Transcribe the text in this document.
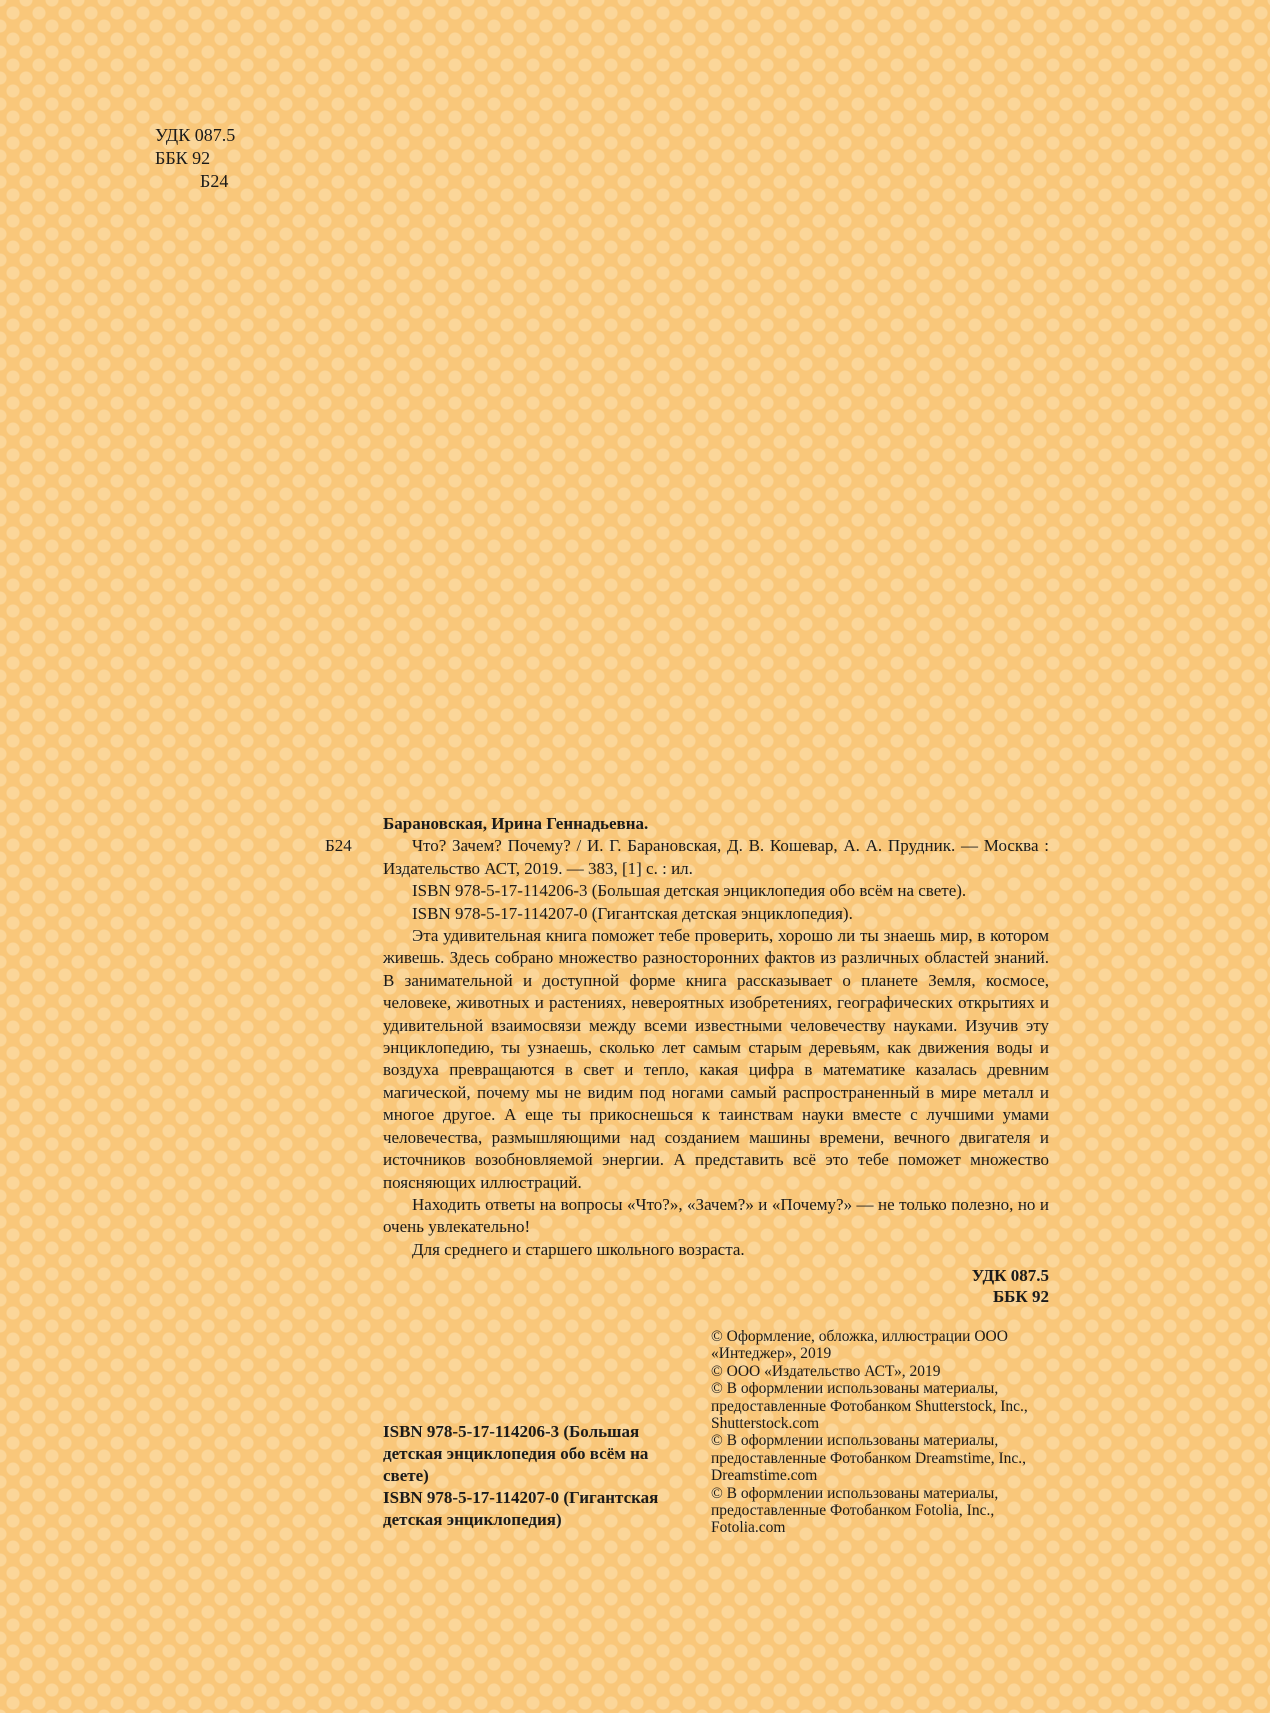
УДК 087.5
ББК 92
Б24
Б24

Барановская, Ирина Геннадьевна.

Что? Зачем? Почему? / И. Г. Барановская, Д. В. Кошевар, А. А. Прудник. — Москва : Издательство АСТ, 2019. — 383, [1] с. : ил.

ISBN 978-5-17-114206-3 (Большая детская энциклопедия обо всём на свете).

ISBN 978-5-17-114207-0 (Гигантская детская энциклопедия).

Эта удивительная книга поможет тебе проверить, хорошо ли ты знаешь мир, в котором живешь. Здесь собрано множество разносторонних фактов из различных областей знаний. В занимательной и доступной форме книга рассказывает о планете Земля, космосе, человеке, животных и растениях, невероятных изобретениях, географических открытиях и удивительной взаимосвязи между всеми известными человечеству науками. Изучив эту энциклопедию, ты узнаешь, сколько лет самым старым деревьям, как движения воды и воздуха превращаются в свет и тепло, какая цифра в математике казалась древним магической, почему мы не видим под ногами самый распространенный в мире металл и многое другое. А еще ты прикоснешься к таинствам науки вместе с лучшими умами человечества, размышляющими над созданием машины времени, вечного двигателя и источников возобновляемой энергии. А представить всё это тебе поможет множество поясняющих иллюстраций.

Находить ответы на вопросы «Что?», «Зачем?» и «Почему?» — не только полезно, но и очень увлекательно!

Для среднего и старшего школьного возраста.

УДК 087.5
ББК 92

ISBN 978-5-17-114206-3 (Большая детская энциклопедия обо всём на свете)

ISBN 978-5-17-114207-0 (Гигантская детская энциклопедия)

© Оформление, обложка, иллюстрации ООО «Интеджер», 2019

© ООО «Издательство АСТ», 2019

© В оформлении использованы материалы, предоставленные Фотобанком Shutterstock, Inc., Shutterstock.com

© В оформлении использованы материалы, предоставленные Фотобанком Dreamstime, Inc., Dreamstime.com

© В оформлении использованы материалы, предоставленные Фотобанком Fotolia, Inc., Fotolia.com
